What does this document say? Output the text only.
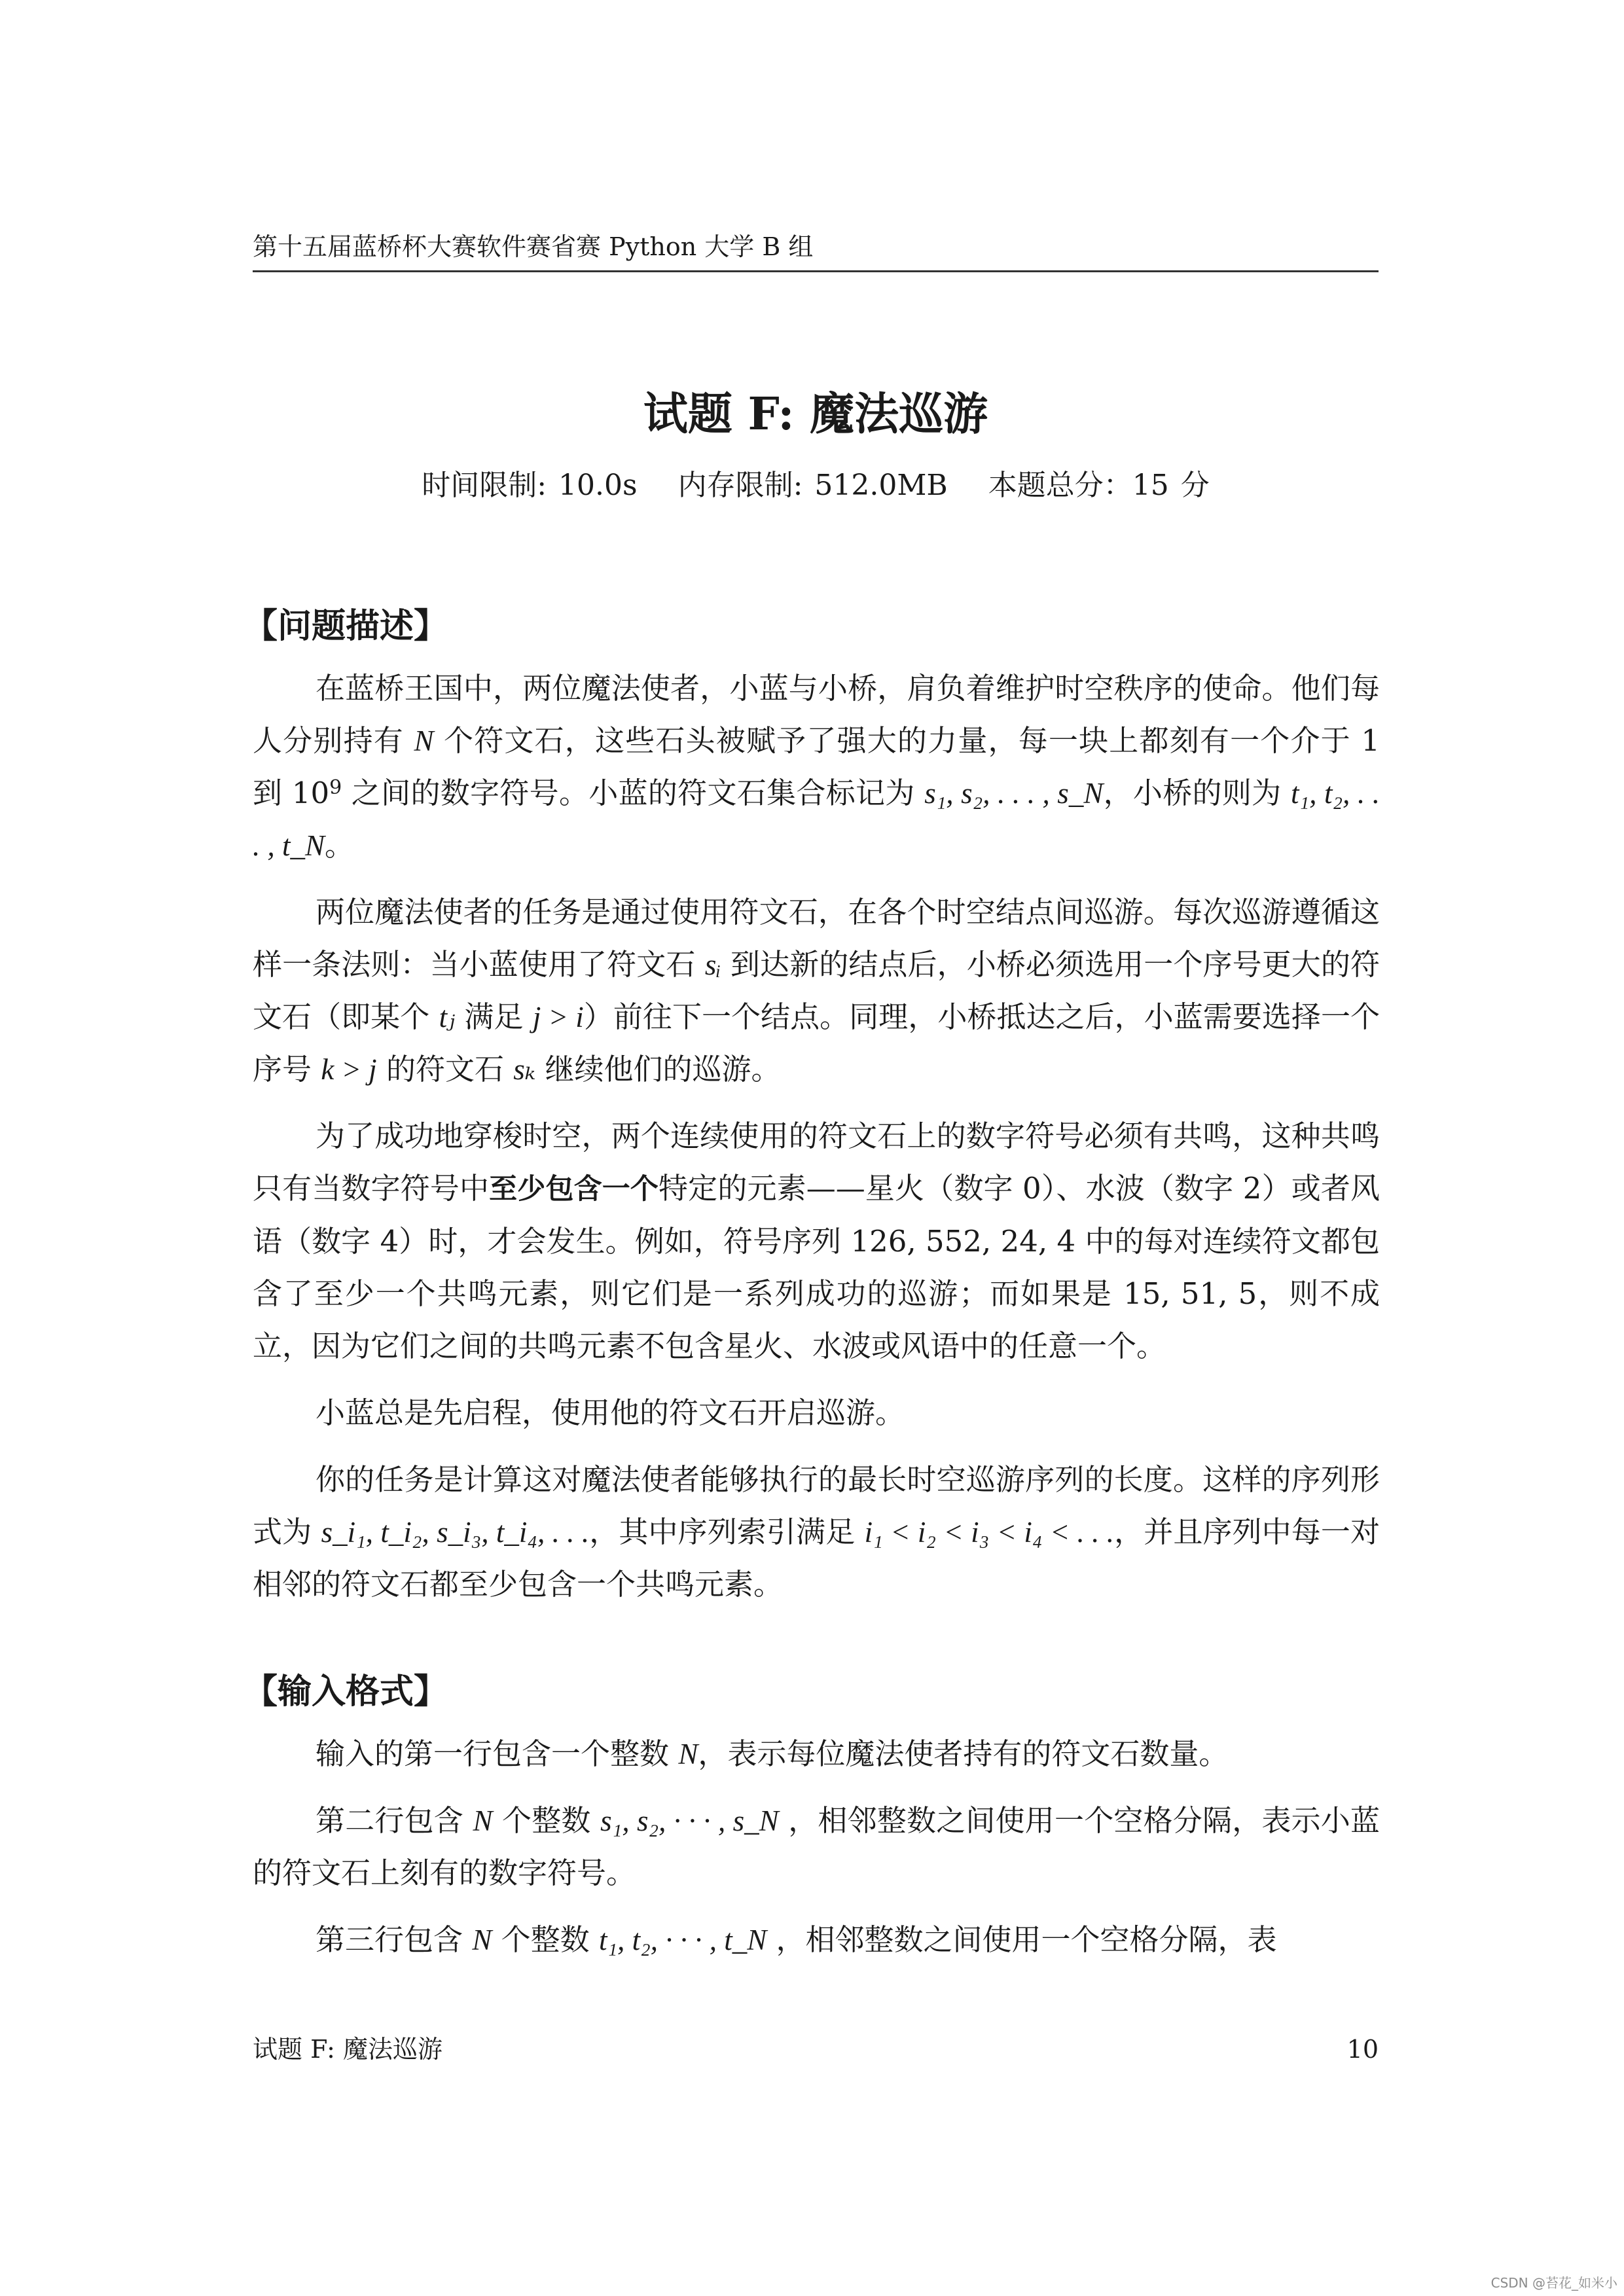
第十五届蓝桥杯大赛软件赛省赛 Python 大学 B 组
试题 F: 魔法巡游
时间限制: 10.0s 内存限制: 512.0MB 本题总分：15 分
【问题描述】

在蓝桥王国中，两位魔法使者，小蓝与小桥，肩负着维护时空秩序的使命。他们每人分别持有 N 个符文石，这些石头被赋予了强大的力量，每一块上都刻有一个介于 1 到 $10^9$ 之间的数字符号。小蓝的符文石集合标记为 s₁, s₂, . . . , s_N，小桥的则为 t₁, t₂, . . . , t_N。

两位魔法使者的任务是通过使用符文石，在各个时空结点间巡游。每次巡游遵循这样一条法则：当小蓝使用了符文石 sᵢ 到达新的结点后，小桥必须选用一个序号更大的符文石（即某个 tⱼ 满足 j > i）前往下一个结点。同理，小桥抵达之后，小蓝需要选择一个序号 k > j 的符文石 sₖ 继续他们的巡游。

为了成功地穿梭时空，两个连续使用的符文石上的数字符号必须有共鸣，这种共鸣只有当数字符号中至少包含一个特定的元素——星火（数字 0）、水波（数字 2）或者风语（数字 4）时，才会发生。例如，符号序列 126, 552, 24, 4 中的每对连续符文都包含了至少一个共鸣元素，则它们是一系列成功的巡游；而如果是 15, 51, 5，则不成立，因为它们之间的共鸣元素不包含星火、水波或风语中的任意一个。

小蓝总是先启程，使用他的符文石开启巡游。

你的任务是计算这对魔法使者能够执行的最长时空巡游序列的长度。这样的序列形式为 s_i₁, t_i₂, s_i₃, t_i₄, . . .，其中序列索引满足 i₁ < i₂ < i₃ < i₄ < . . .，并且序列中每一对相邻的符文石都至少包含一个共鸣元素。

【输入格式】

输入的第一行包含一个整数 N，表示每位魔法使者持有的符文石数量。

第二行包含 N 个整数 s₁, s₂, · · · , s_N ，相邻整数之间使用一个空格分隔，表示小蓝的符文石上刻有的数字符号。

第三行包含 N 个整数 t₁, t₂, · · · , t_N ，相邻整数之间使用一个空格分隔，表

试题 F: 魔法巡游	10
CSDN @苔花_如米小
